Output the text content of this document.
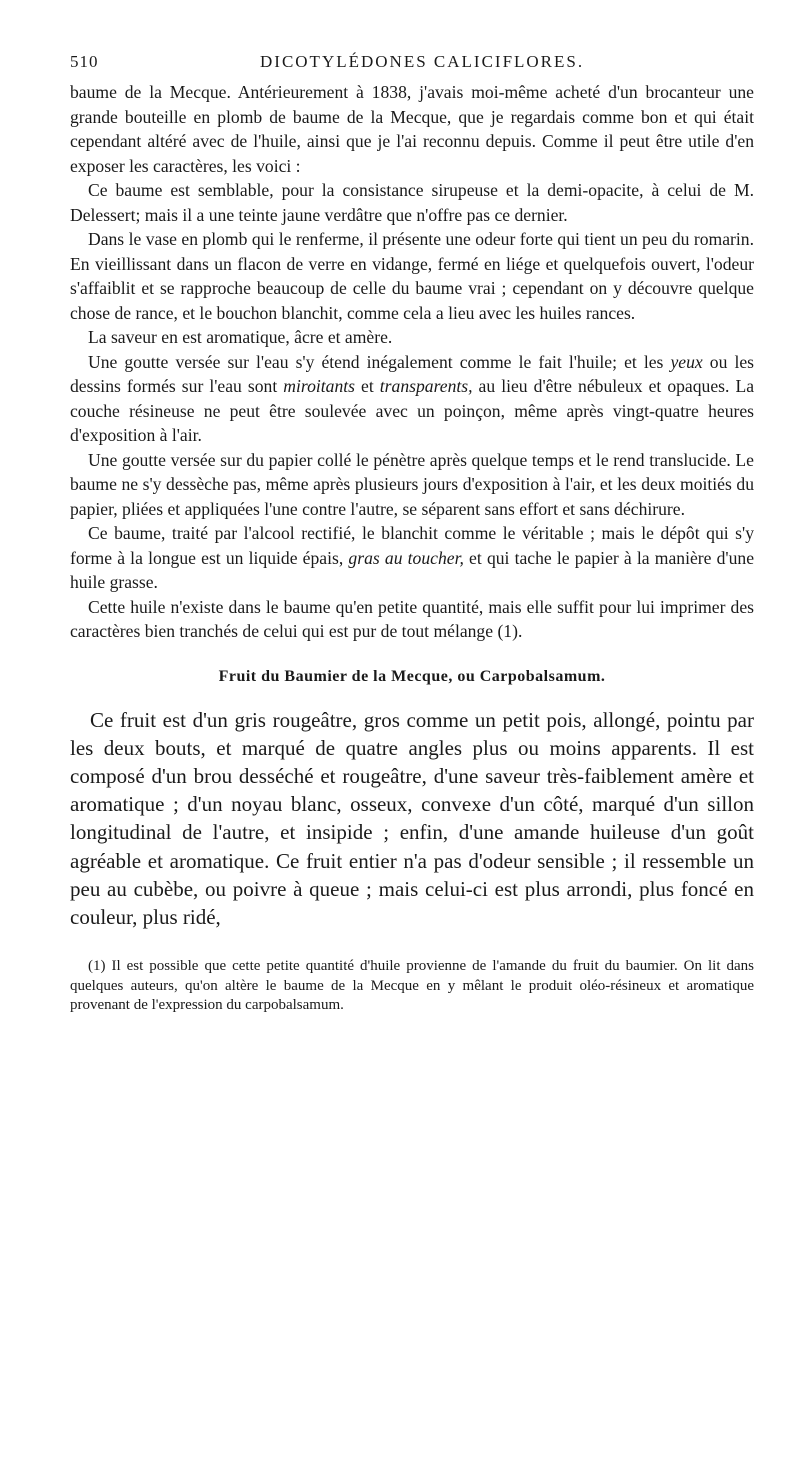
510	DICOTYLÉDONES CALICIFLORES.

baume de la Mecque. Antérieurement à 1838, j'avais moi-même acheté d'un brocanteur une grande bouteille en plomb de baume de la Mecque, que je regardais comme bon et qui était cependant altéré avec de l'huile, ainsi que je l'ai reconnu depuis. Comme il peut être utile d'en exposer les caractères, les voici :

Ce baume est semblable, pour la consistance sirupeuse et la demi-opacite, à celui de M. Delessert; mais il a une teinte jaune verdâtre que n'offre pas ce dernier.

Dans le vase en plomb qui le renferme, il présente une odeur forte qui tient un peu du romarin. En vieillissant dans un flacon de verre en vidange, fermé en liége et quelquefois ouvert, l'odeur s'affaiblit et se rapproche beaucoup de celle du baume vrai ; cependant on y découvre quelque chose de rance, et le bouchon blanchit, comme cela a lieu avec les huiles rances.

La saveur en est aromatique, âcre et amère.

Une goutte versée sur l'eau s'y étend inégalement comme le fait l'huile; et les yeux ou les dessins formés sur l'eau sont miroitants et transparents, au lieu d'être nébuleux et opaques. La couche résineuse ne peut être soulevée avec un poinçon, même après vingt-quatre heures d'exposition à l'air.

Une goutte versée sur du papier collé le pénètre après quelque temps et le rend translucide. Le baume ne s'y dessèche pas, même après plusieurs jours d'exposition à l'air, et les deux moitiés du papier, pliées et appliquées l'une contre l'autre, se séparent sans effort et sans déchirure.

Ce baume, traité par l'alcool rectifié, le blanchit comme le véritable ; mais le dépôt qui s'y forme à la longue est un liquide épais, gras au toucher, et qui tache le papier à la manière d'une huile grasse.

Cette huile n'existe dans le baume qu'en petite quantité, mais elle suffit pour lui imprimer des caractères bien tranchés de celui qui est pur de tout mélange (1).

Fruit du Baumier de la Mecque, ou Carpobalsamum.

Ce fruit est d'un gris rougeâtre, gros comme un petit pois, allongé, pointu par les deux bouts, et marqué de quatre angles plus ou moins apparents. Il est composé d'un brou desséché et rougeâtre, d'une saveur très-faiblement amère et aromatique ; d'un noyau blanc, osseux, convexe d'un côté, marqué d'un sillon longitudinal de l'autre, et insipide ; enfin, d'une amande huileuse d'un goût agréable et aromatique. Ce fruit entier n'a pas d'odeur sensible ; il ressemble un peu au cubèbe, ou poivre à queue ; mais celui-ci est plus arrondi, plus foncé en couleur, plus ridé,

(1) Il est possible que cette petite quantité d'huile provienne de l'amande du fruit du baumier. On lit dans quelques auteurs, qu'on altère le baume de la Mecque en y mêlant le produit oléo-résineux et aromatique provenant de l'expression du carpobalsamum.
